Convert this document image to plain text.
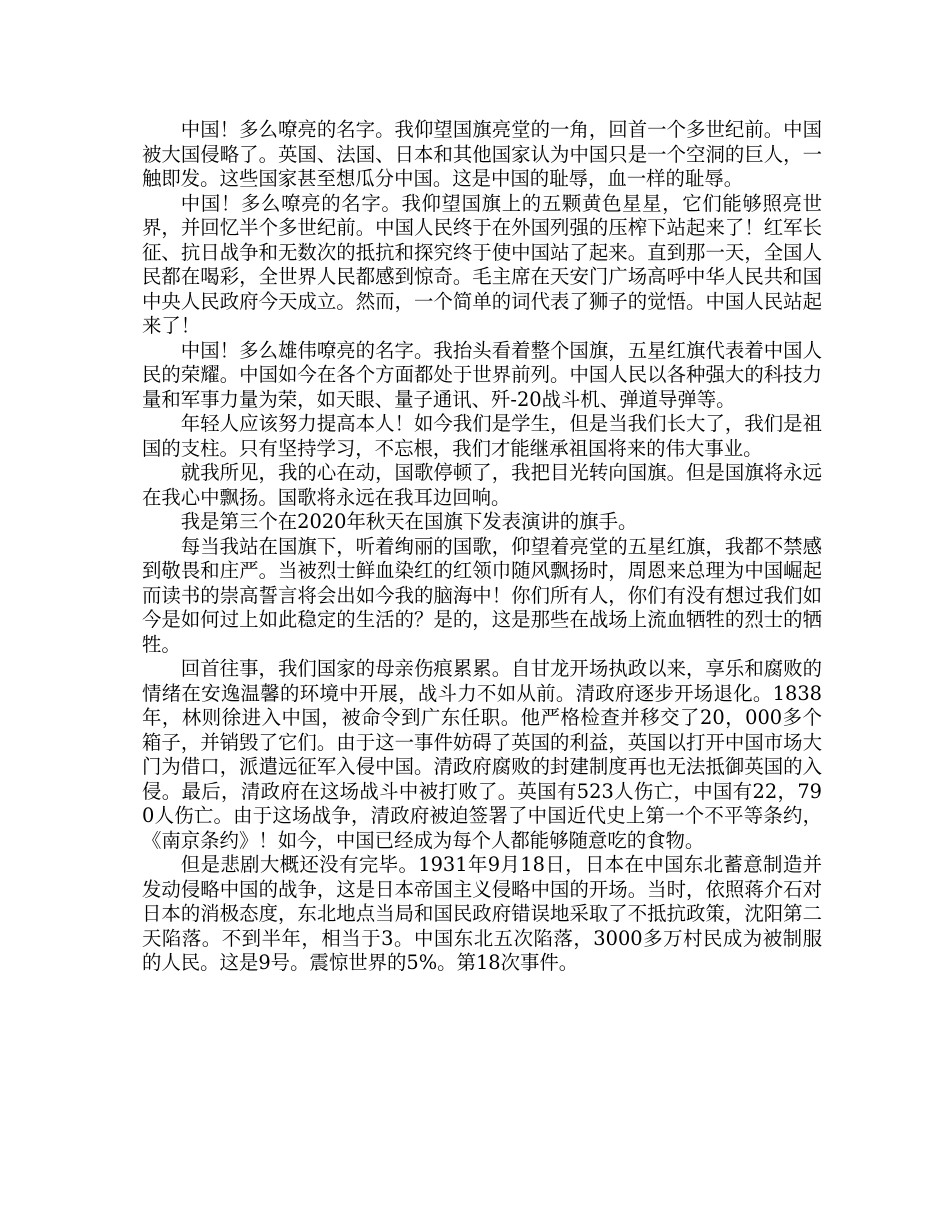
中国！多么嘹亮的名字。我仰望国旗亮堂的一角，回首一个多世纪前。中国被大国侵略了。英国、法国、日本和其他国家认为中国只是一个空洞的巨人，一触即发。这些国家甚至想瓜分中国。这是中国的耻辱，血一样的耻辱。

中国！多么嘹亮的名字。我仰望国旗上的五颗黄色星星，它们能够照亮世界，并回忆半个多世纪前。中国人民终于在外国列强的压榨下站起来了！红军长征、抗日战争和无数次的抵抗和探究终于使中国站了起来。直到那一天，全国人民都在喝彩，全世界人民都感到惊奇。毛主席在天安门广场高呼中华人民共和国中央人民政府今天成立。然而，一个简单的词代表了狮子的觉悟。中国人民站起来了！

中国！多么雄伟嘹亮的名字。我抬头看着整个国旗，五星红旗代表着中国人民的荣耀。中国如今在各个方面都处于世界前列。中国人民以各种强大的科技力量和军事力量为荣，如天眼、量子通讯、歼-20战斗机、弹道导弹等。

年轻人应该努力提高本人！如今我们是学生，但是当我们长大了，我们是祖国的支柱。只有坚持学习，不忘根，我们才能继承祖国将来的伟大事业。

就我所见，我的心在动，国歌停顿了，我把目光转向国旗。但是国旗将永远在我心中飘扬。国歌将永远在我耳边回响。

我是第三个在2020年秋天在国旗下发表演讲的旗手。

每当我站在国旗下，听着绚丽的国歌，仰望着亮堂的五星红旗，我都不禁感到敬畏和庄严。当被烈士鲜血染红的红领巾随风飘扬时，周恩来总理为中国崛起而读书的崇高誓言将会出如今我的脑海中！你们所有人，你们有没有想过我们如今是如何过上如此稳定的生活的？是的，这是那些在战场上流血牺牲的烈士的牺牲。

回首往事，我们国家的母亲伤痕累累。自甘龙开场执政以来，享乐和腐败的情绪在安逸温馨的环境中开展，战斗力不如从前。清政府逐步开场退化。1838年，林则徐进入中国，被命令到广东任职。他严格检查并移交了20，000多个箱子，并销毁了它们。由于这一事件妨碍了英国的利益，英国以打开中国市场大门为借口，派遣远征军入侵中国。清政府腐败的封建制度再也无法抵御英国的入侵。最后，清政府在这场战斗中被打败了。英国有523人伤亡，中国有22，790人伤亡。由于这场战争，清政府被迫签署了中国近代史上第一个不平等条约，《南京条约》！如今，中国已经成为每个人都能够随意吃的食物。

但是悲剧大概还没有完毕。1931年9月18日，日本在中国东北蓄意制造并发动侵略中国的战争，这是日本帝国主义侵略中国的开场。当时，依照蒋介石对日本的消极态度，东北地点当局和国民政府错误地采取了不抵抗政策，沈阳第二天陷落。不到半年，相当于3。中国东北五次陷落，3000多万村民成为被制服的人民。这是9号。震惊世界的5%。第18次事件。
